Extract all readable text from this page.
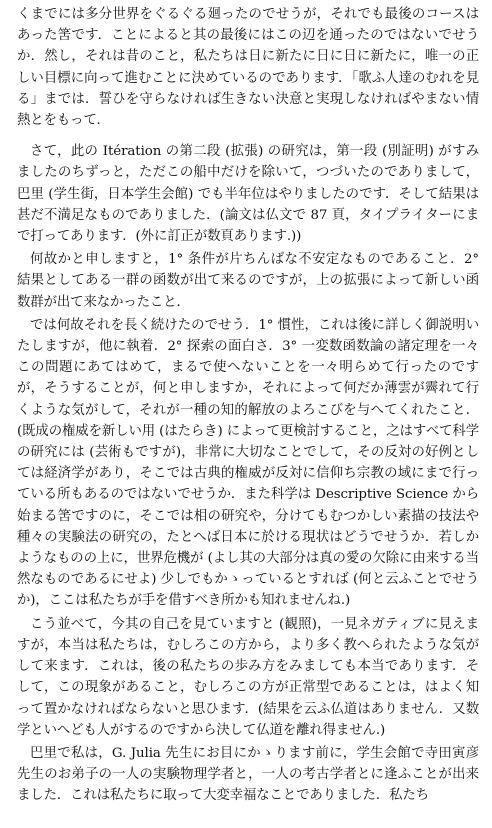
くまでには多分世界をぐるぐる廻ったのでせうが，それでも最後のコースはあった筈です．ことによると其の最後にはこの辺を通ったのではないでせうか．然し，それは昔のこと，私たちは日に新たに日に日に新たに，唯一の正しい目標に向って進むことに決めているのであります．「歌ふ人達のむれを見る」までは．誓ひを守らなければ生きない決意と実現しなければやまない情熱とをもって．

さて，此の Itération の第二段 (拡張) の研究は，第一段 (別証明) がすみましたのちずっと，ただこの船中だけを除いて，つづいたのでありまして，巴里 (学生街，日本学生会館) でも半年位はやりましたのです．そして結果は甚だ不満足なものでありました．(論文は仏文で 87 頁，タイプライターにまで打ってあります．(外に訂正が数頁あります.))

何故かと申しますと，1° 条件が片ちんばな不安定なものであること．2° 結果としてある一群の函数が出て来るのですが，上の拡張によって新しい函数群が出て来なかったこと．

では何故それを長く続けたのでせう．1° 慣性，これは後に詳しく御説明いたしますが，他に執着．2° 探索の面白さ．3° 一変数函数論の諸定理を一々この問題にあてはめて，まるで使へないことを一々明らめて行ったのですが，そうすることが，何と申しますか，それによって何だか薄雲が霽れて行くような気がして，それが一種の知的解放のよろこびを与へてくれたこと．(既成の権威を新しい用 (はたらき) によって更検討すること，之はすべて科学の研究には (芸術もですが)，非常に大切なことでして，その反対の好例としては経済学があり，そこでは古典的権威が反対に信仰ち宗教の域にまで行っている所もあるのではないでせうか．また科学は Descriptive Science から始まる筈ですのに，そこでは相の研究や，分けてもむつかしい素描の技法や種々の実験法の研究の，たとへば日本に於ける現状はどうでせうか．若しかようなものの上に，世界危機が (よし其の大部分は真の愛の欠除に由来する当然なものであるにせよ) 少しでもかゝっているとすれば (何と云ふことでせうか)，ここは私たちが手を借すべき所かも知れませんね.)

こう並べて，今其の自己を見ていますと (観照)，一見ネガティブに見えますが，本当は私たちは，むしろこの方から，より多く教へられたような気がして来ます．これは，後の私たちの歩み方をみましても本当であります．そして，この現象があること，むしろこの方が正常型であることは，はよく知って置かなければならないと思ひます．(結果を云ふ仏道はありません．又数学といへども人がするのですから決して仏道を離れ得ません.)

巴里で私は，G. Julia 先生にお目にかゝります前に，学生会館で寺田寅彦先生のお弟子の一人の実験物理学者と，一人の考古学者とに逢ふことが出来ました．これは私たちに取って大変幸福なことでありました．私たち
